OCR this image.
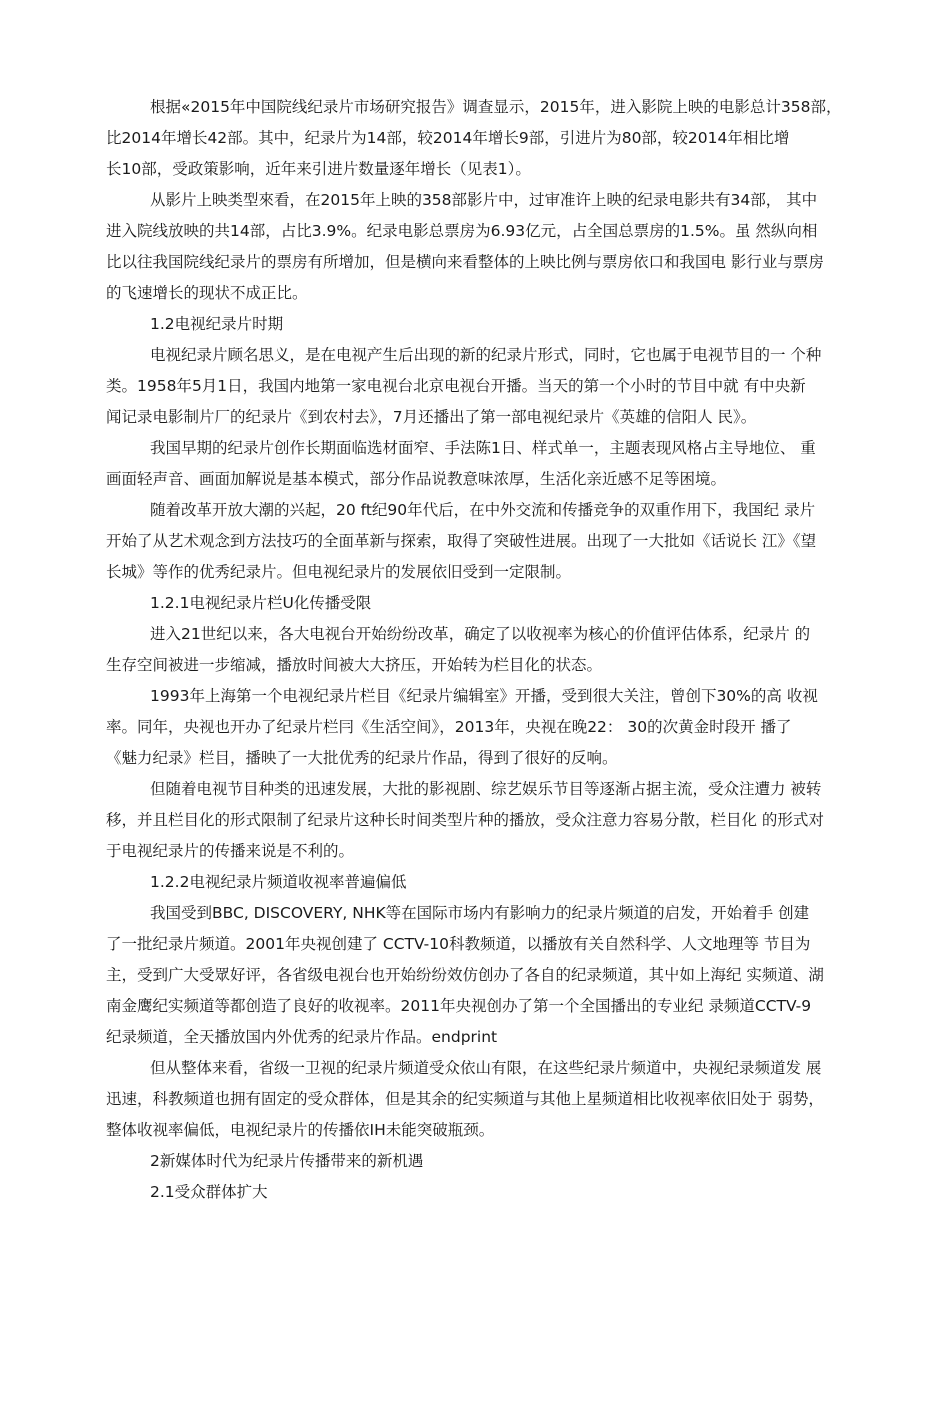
根据«2015年中国院线纪录片市场研究报告》调查显示，2015年，进入影院上映的电影总计358部，
比2014年增长42部。其中，纪录片为14部，较2014年增长9部，引进片为80部，较2014年相比增
长10部，受政策影响，近年来引进片数量逐年增长（见表1）。
从影片上映类型來看，在2015年上映的358部影片中，过审准许上映的纪录电影共有34部， 其中
进入院线放映的共14部，占比3.9%。纪录电影总票房为6.93亿元，占全国总票房的1.5%。虽 然纵向相
比以往我国院线纪录片的票房有所增加，但是横向来看整体的上映比例与票房依口和我国电 影行业与票房
的飞速增长的现状不成正比。
1.2电视纪录片时期
电视纪录片顾名思义，是在电视产生后出现的新的纪录片形式，同时，它也属于电视节目的一 个种
类。1958年5月1日，我国内地第一家电视台北京电视台开播。当天的第一个小时的节目中就 有中央新
闻记录电影制片厂的纪录片《到农村去》，7月还播出了第一部电视纪录片《英雄的信阳人 民》。
我国早期的纪录片创作长期面临选材面窄、手法陈1日、样式单一，主题表现风格占主导地位、 重
画面轻声音、画面加解说是基本模式，部分作品说教意味浓厚，生活化亲近感不足等困境。
随着改革开放大潮的兴起，20 ft纪90年代后，在中外交流和传播竞争的双重作用下，我国纪 录片
开始了从艺术观念到方法技巧的全面革新与探索，取得了突破性进展。出现了一大批如《话说长 江》《望
长城》等作的优秀纪录片。但电视纪录片的发展依旧受到一定限制。
1.2.1电视纪录片栏U化传播受限
进入21世纪以来，各大电视台开始纷纷改革，确定了以收视率为核心的价值评估体系，纪录片 的
生存空间被进一步缩减，播放时间被大大挤压，开始转为栏目化的状态。
1993年上海第一个电视纪录片栏目《纪录片编辑室》开播，受到很大关注，曾创下30%的高 收视
率。同年，央视也开办了纪录片栏冃《生活空间》，2013年，央视在晚22： 30的次黄金时段开 播了
《魅力纪录》栏目，播映了一大批优秀的纪录片作品，得到了很好的反响。
但随着电视节目种类的迅速发展，大批的影视剧、综艺娱乐节目等逐渐占据主流，受众注遭力 被转
移，并且栏目化的形式限制了纪录片这种长时间类型片种的播放，受众注意力容易分散，栏目化 的形式对
于电视纪录片的传播来说是不利的。
1.2.2电视纪录片频道收视率普遍偏低
我国受到BBC, DISCOVERY, NHK等在国际市场内有影响力的纪录片频道的启发，开始着手 创建
了一批纪录片频道。2001年央视创建了 CCTV-10科教频道，以播放有关自然科学、人文地理等 节目为
主，受到广大受眾好评，各省级电视台也开始纷纷效仿创办了各自的纪录频道，其屮如上海纪 实频道、湖
南金鹰纪实频道等都创造了良好的收视率。2011年央视创办了第一个全国播出的专业纪 录频道CCTV-9
纪录频道，全天播放国内外优秀的纪录片作品。endprint
但从整体来看，省级一卫视的纪录片频道受众依山有限，在这些纪录片频道中，央视纪录频道发 展
迅速，科教频道也拥有固定的受众群体，但是其余的纪实频道与其他上星频道相比收视率依旧处于 弱势，
整体收视率偏低，电视纪录片的传播依IH未能突破瓶颈。
2新媒体时代为纪录片传播带来的新机遇
2.1受众群体扩大
